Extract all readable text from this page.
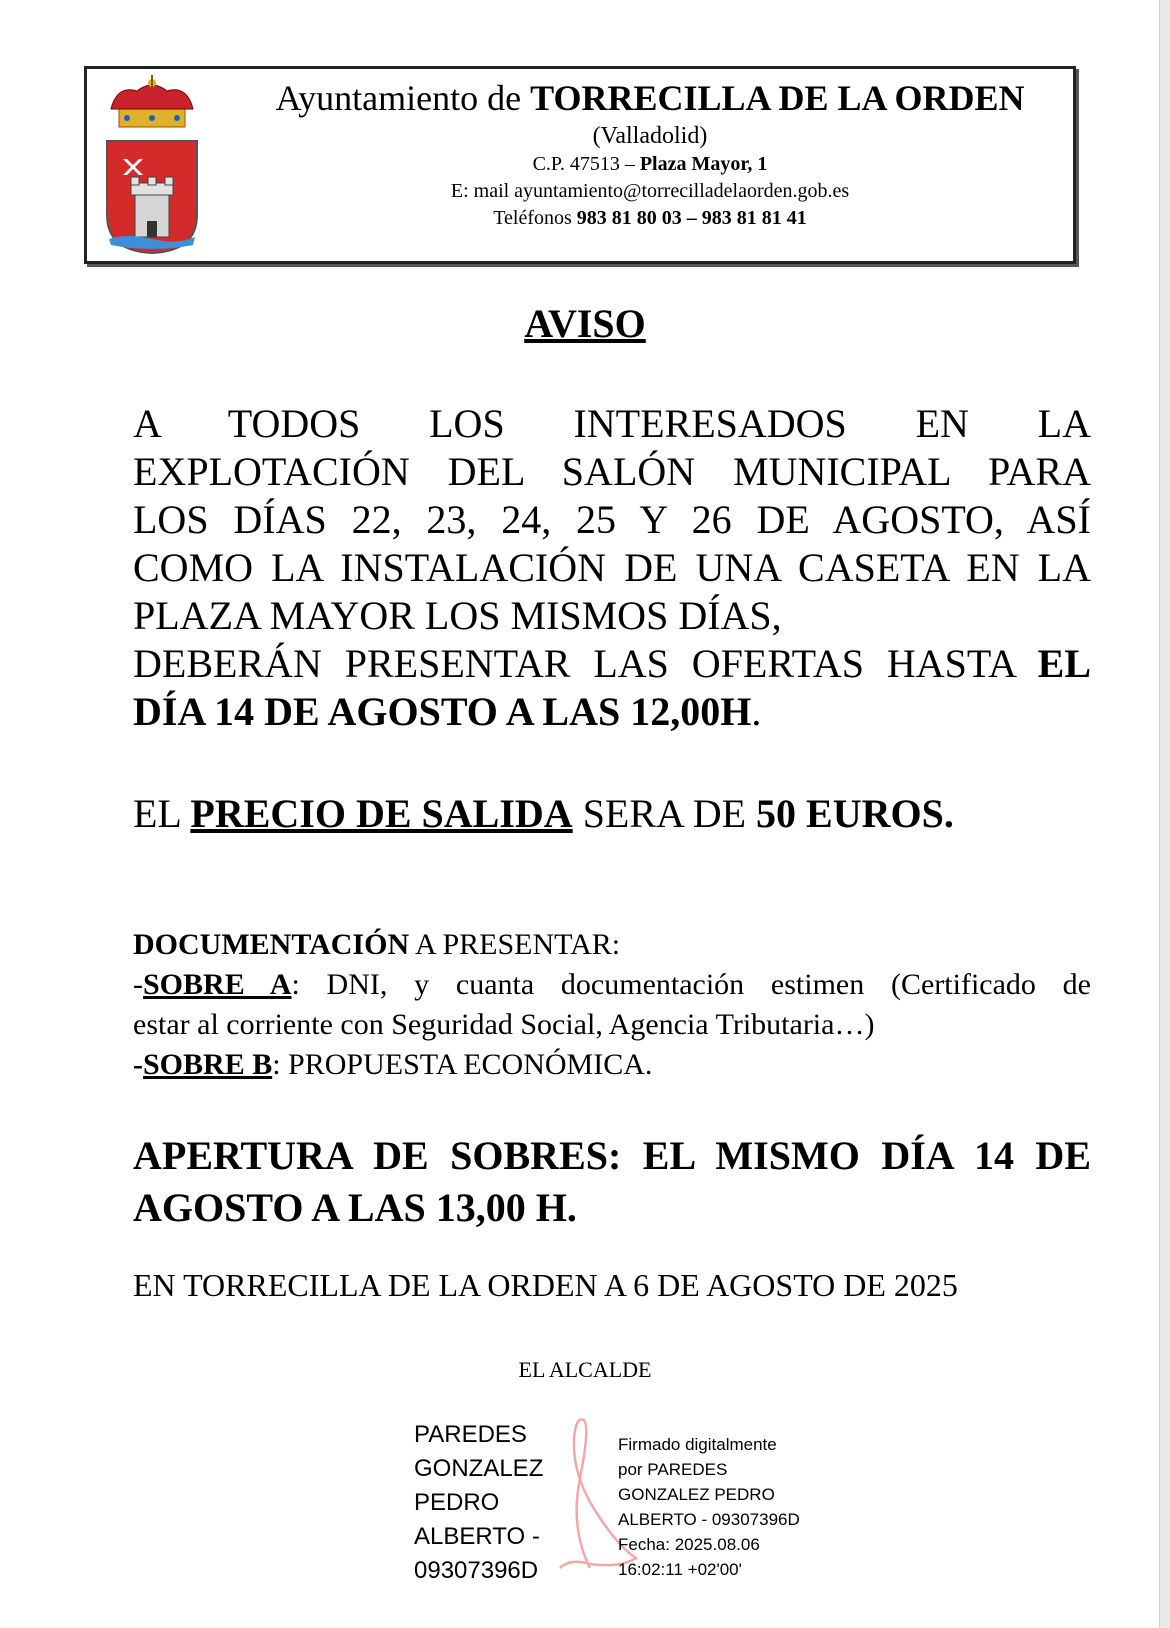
Ayuntamiento de TORRECILLA DE LA ORDEN
(Valladolid)
C.P. 47513 – Plaza Mayor, 1
E: mail ayuntamiento@torrecilladelaorden.gob.es
Teléfonos 983 81 80 03 – 983 81 81 41
AVISO
A TODOS LOS INTERESADOS EN LA
EXPLOTACIÓN DEL SALÓN MUNICIPAL PARA
LOS DÍAS 22, 23, 24, 25 Y 26 DE AGOSTO, ASÍ
COMO LA INSTALACIÓN DE UNA CASETA EN LA
PLAZA MAYOR LOS MISMOS DÍAS,
DEBERÁN PRESENTAR LAS OFERTAS HASTA EL
DÍA 14 DE AGOSTO A LAS 12,00H.
EL PRECIO DE SALIDA SERA DE 50 EUROS.
DOCUMENTACIÓN A PRESENTAR:
-SOBRE A: DNI, y cuanta documentación estimen (Certificado de
estar al corriente con Seguridad Social, Agencia Tributaria…)
-SOBRE B: PROPUESTA ECONÓMICA.
APERTURA DE SOBRES: EL MISMO DÍA 14 DE
AGOSTO A LAS 13,00 H.
EN TORRECILLA DE LA ORDEN A 6 DE AGOSTO DE 2025
EL ALCALDE
PAREDES
GONZALEZ
PEDRO
ALBERTO -
09307396D
Firmado digitalmente
por PAREDES
GONZALEZ PEDRO
ALBERTO - 09307396D
Fecha: 2025.08.06
16:02:11 +02'00'
